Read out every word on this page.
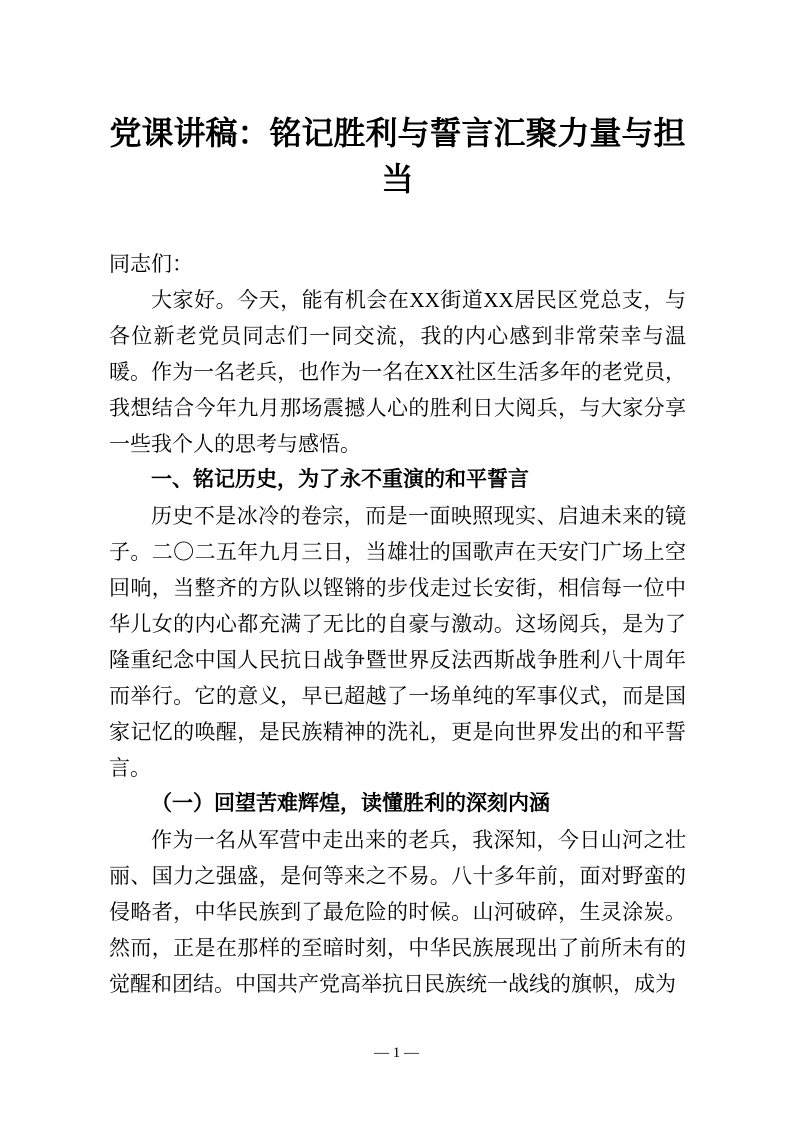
党课讲稿：铭记胜利与誓言汇聚力量与担当

同志们：

大家好。今天，能有机会在XX街道XX居民区党总支，与各位新老党员同志们一同交流，我的内心感到非常荣幸与温暖。作为一名老兵，也作为一名在XX社区生活多年的老党员，我想结合今年九月那场震撼人心的胜利日大阅兵，与大家分享一些我个人的思考与感悟。

一、铭记历史，为了永不重演的和平誓言

历史不是冰冷的卷宗，而是一面映照现实、启迪未来的镜子。二〇二五年九月三日，当雄壮的国歌声在天安门广场上空回响，当整齐的方队以铿锵的步伐走过长安街，相信每一位中华儿女的内心都充满了无比的自豪与激动。这场阅兵，是为了隆重纪念中国人民抗日战争暨世界反法西斯战争胜利八十周年而举行。它的意义，早已超越了一场单纯的军事仪式，而是国家记忆的唤醒，是民族精神的洗礼，更是向世界发出的和平誓言。

（一）回望苦难辉煌，读懂胜利的深刻内涵

作为一名从军营中走出来的老兵，我深知，今日山河之壮丽、国力之强盛，是何等来之不易。八十多年前，面对野蛮的侵略者，中华民族到了最危险的时候。山河破碎，生灵涂炭。然而，正是在那样的至暗时刻，中华民族展现出了前所未有的觉醒和团结。中国共产党高举抗日民族统一战线的旗帜，成为

— 1 —
